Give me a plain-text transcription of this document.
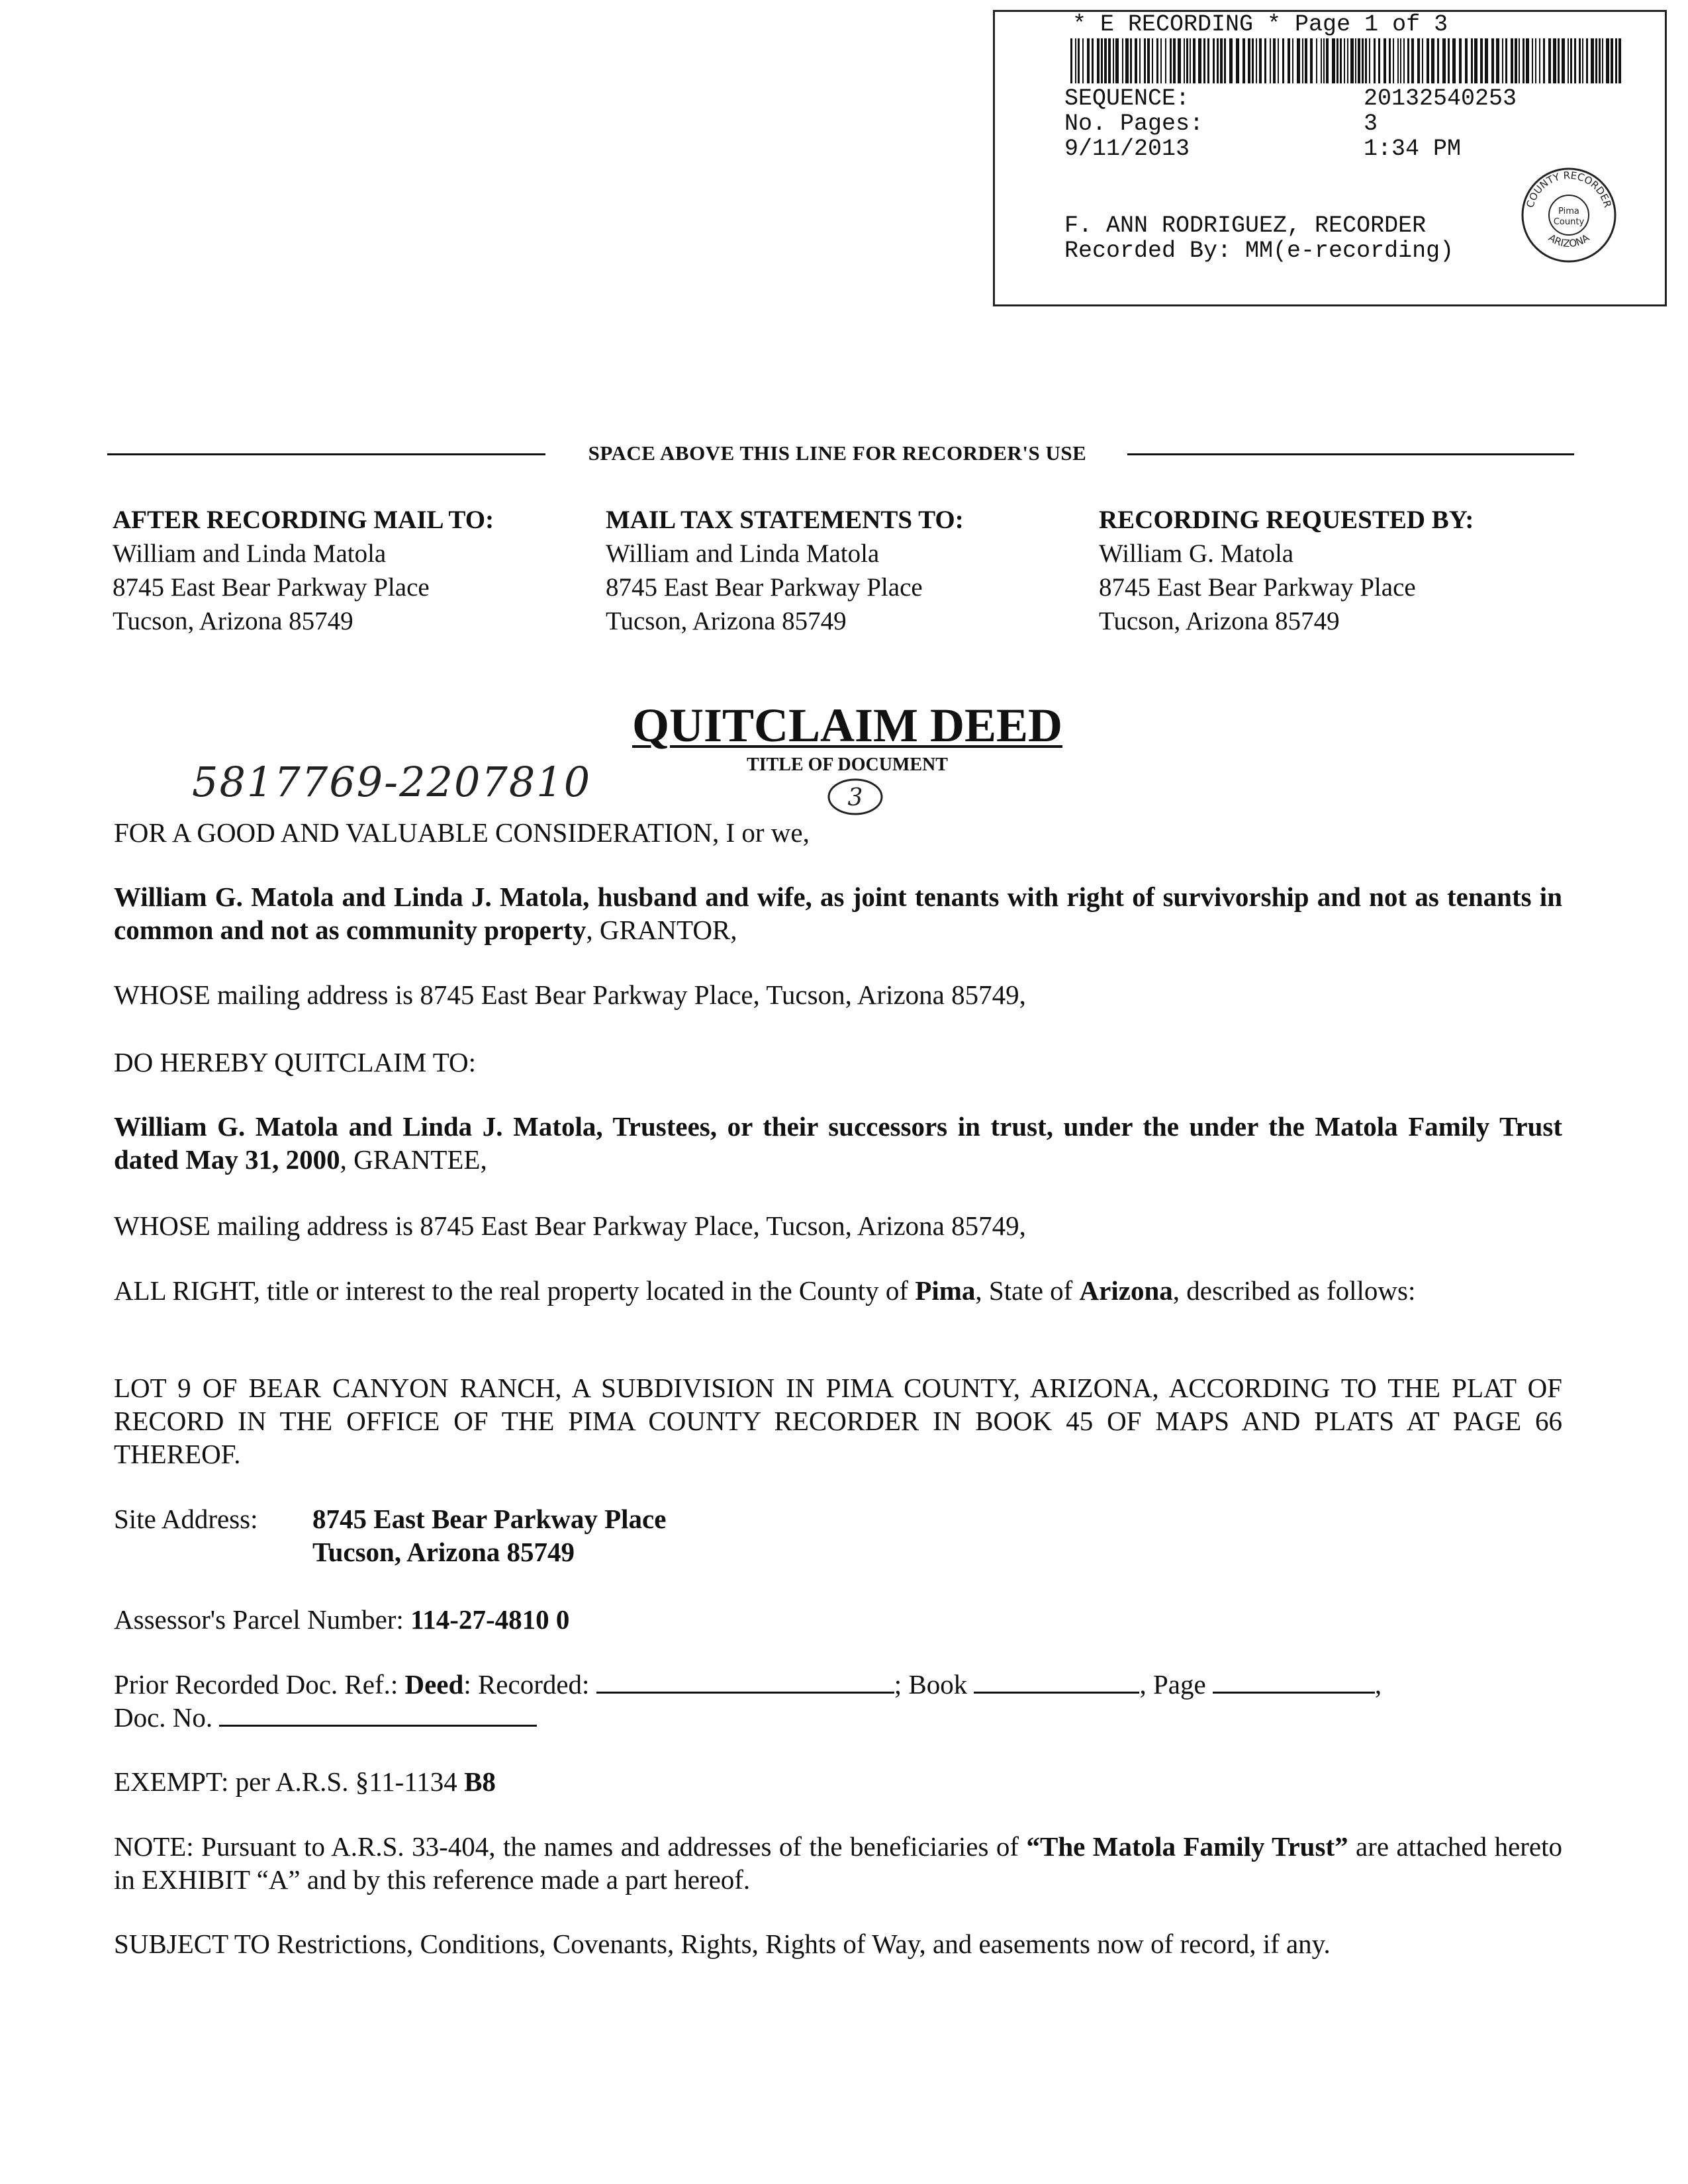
* E RECORDING * Page 1 of 3
SEQUENCE:	20132540253
No. Pages:	3
9/11/2013	1:34 PM
F. ANN RODRIGUEZ, RECORDER
Recorded By: MM(e-recording)
COUNTY RECORDER
ARIZONA
Pima
County
SPACE ABOVE THIS LINE FOR RECORDER'S USE
AFTER RECORDING MAIL TO:
William and Linda Matola
8745 East Bear Parkway Place
Tucson, Arizona 85749
MAIL TAX STATEMENTS TO:
William and Linda Matola
8745 East Bear Parkway Place
Tucson, Arizona 85749
RECORDING REQUESTED BY:
William G. Matola
8745 East Bear Parkway Place
Tucson, Arizona 85749
QUITCLAIM DEED
TITLE OF DOCUMENT
5817769-2207810	3
FOR A GOOD AND VALUABLE CONSIDERATION, I or we,
William G. Matola and Linda J. Matola, husband and wife, as joint tenants with right of survivorship and not as tenants in common and not as community property, GRANTOR,
WHOSE mailing address is 8745 East Bear Parkway Place, Tucson, Arizona 85749,
DO HEREBY QUITCLAIM TO:
William G. Matola and Linda J. Matola, Trustees, or their successors in trust, under the under the Matola Family Trust dated May 31, 2000, GRANTEE,
WHOSE mailing address is 8745 East Bear Parkway Place, Tucson, Arizona 85749,
ALL RIGHT, title or interest to the real property located in the County of Pima, State of Arizona, described as follows:
LOT 9 OF BEAR CANYON RANCH, A SUBDIVISION IN PIMA COUNTY, ARIZONA, ACCORDING TO THE PLAT OF RECORD IN THE OFFICE OF THE PIMA COUNTY RECORDER IN BOOK 45 OF MAPS AND PLATS AT PAGE 66 THEREOF.
Site Address: 8745 East Bear Parkway Place
Tucson, Arizona 85749
Assessor's Parcel Number: 114-27-4810 0
Prior Recorded Doc. Ref.: Deed: Recorded:	; Book	, Page	,
Doc. No.
EXEMPT: per A.R.S. §11-1134 B8
NOTE: Pursuant to A.R.S. 33-404, the names and addresses of the beneficiaries of “The Matola Family Trust” are attached hereto in EXHIBIT “A” and by this reference made a part hereof.
SUBJECT TO Restrictions, Conditions, Covenants, Rights, Rights of Way, and easements now of record, if any.
